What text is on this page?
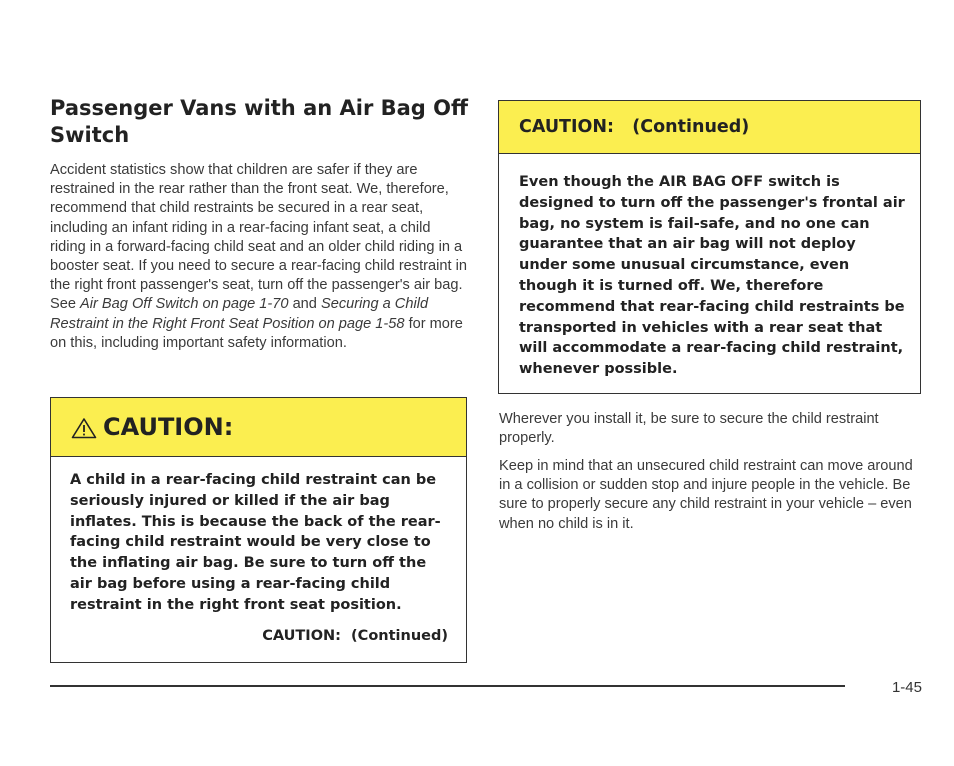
Passenger Vans with an Air Bag Off Switch

Accident statistics show that children are safer if they are restrained in the rear rather than the front seat. We, therefore, recommend that child restraints be secured in a rear seat, including an infant riding in a rear-facing infant seat, a child riding in a forward-facing child seat and an older child riding in a booster seat. If you need to secure a rear-facing child restraint in the right front passenger's seat, turn off the passenger's air bag. See Air Bag Off Switch on page 1-70 and Securing a Child Restraint in the Right Front Seat Position on page 1-58 for more on this, including important safety information.

CAUTION:

A child in a rear-facing child restraint can be seriously injured or killed if the air bag inflates. This is because the back of the rear-facing child restraint would be very close to the inflating air bag. Be sure to turn off the air bag before using a rear-facing child restraint in the right front seat position.

CAUTION:  (Continued)
CAUTION:   (Continued)

Even though the AIR BAG OFF switch is designed to turn off the passenger's frontal air bag, no system is fail-safe, and no one can guarantee that an air bag will not deploy under some unusual circumstance, even though it is turned off. We, therefore recommend that rear-facing child restraints be transported in vehicles with a rear seat that will accommodate a rear-facing child restraint, whenever possible.

Wherever you install it, be sure to secure the child restraint properly.

Keep in mind that an unsecured child restraint can move around in a collision or sudden stop and injure people in the vehicle. Be sure to properly secure any child restraint in your vehicle – even when no child is in it.

1-45
